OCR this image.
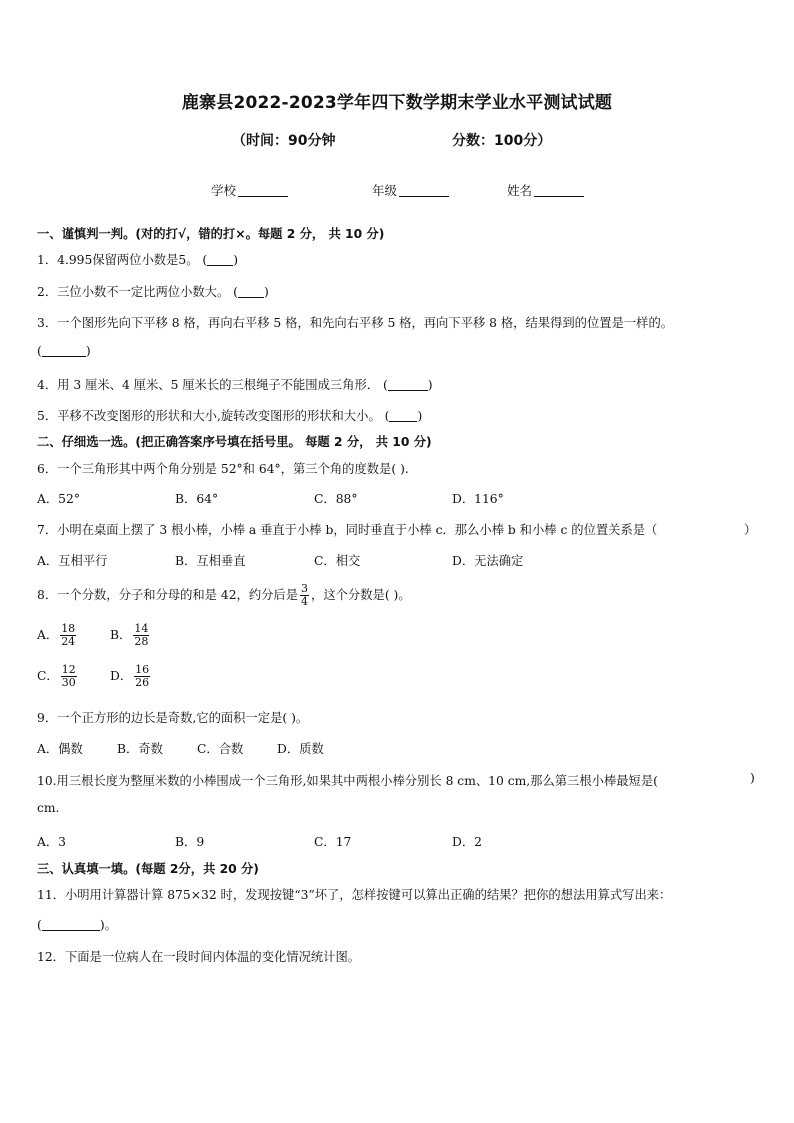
鹿寨县2022-2023学年四下数学期末学业水平测试试题
（时间：90分钟	分数：100分）
学校	年级	姓名
一、谨慎判一判。(对的打√，错的打×。每题 2 分， 共 10 分)
1．4.995保留两位小数是5。 ( )
2．三位小数不一定比两位小数大。 ( )
3．一个图形先向下平移 8 格，再向右平移 5 格，和先向右平移 5 格，再向下平移 8 格，结果得到的位置是一样的。
(	)
4．用 3 厘米、4 厘米、5 厘米长的三根绳子不能围成三角形． (	)
5．平移不改变图形的形状和大小,旋转改变图形的形状和大小。 ( )
二、仔细选一选。(把正确答案序号填在括号里。 每题 2 分， 共 10 分)
6．一个三角形其中两个角分别是 52°和 64°，第三个角的度数是( ).
A．52°	B．64°	C．88°	D．116°
7．小明在桌面上摆了 3 根小棒，小棒 a 垂直于小棒 b，同时垂直于小棒 c．那么小棒 b 和小棒 c 的位置关系是（	）
A．互相平行	B．互相垂直	C．相交	D．无法确定
8．一个分数，分子和分母的和是 42，约分后是 $\frac{3}{4}$ ，这个分数是( )。
A． $\frac{18}{24}$	B． $\frac{14}{28}$
C． $\frac{12}{30}$	D． $\frac{16}{26}$
9．一个正方形的边长是奇数,它的面积一定是( )。
A．偶数	B．奇数	C．合数	D．质数
10.用三根长度为整厘米数的小棒围成一个三角形,如果其中两根小棒分别长 8 cm、10 cm,那么第三根小棒最短是(	)
cm.
A．3	B．9	C．17	D．2
三、认真填一填。(每题 2分，共 20 分)
11．小明用计算器计算 875×32 时，发现按键“3”坏了，怎样按键可以算出正确的结果？把你的想法用算式写出来：
(	)。
12．下面是一位病人在一段时间内体温的变化情况统计图。
